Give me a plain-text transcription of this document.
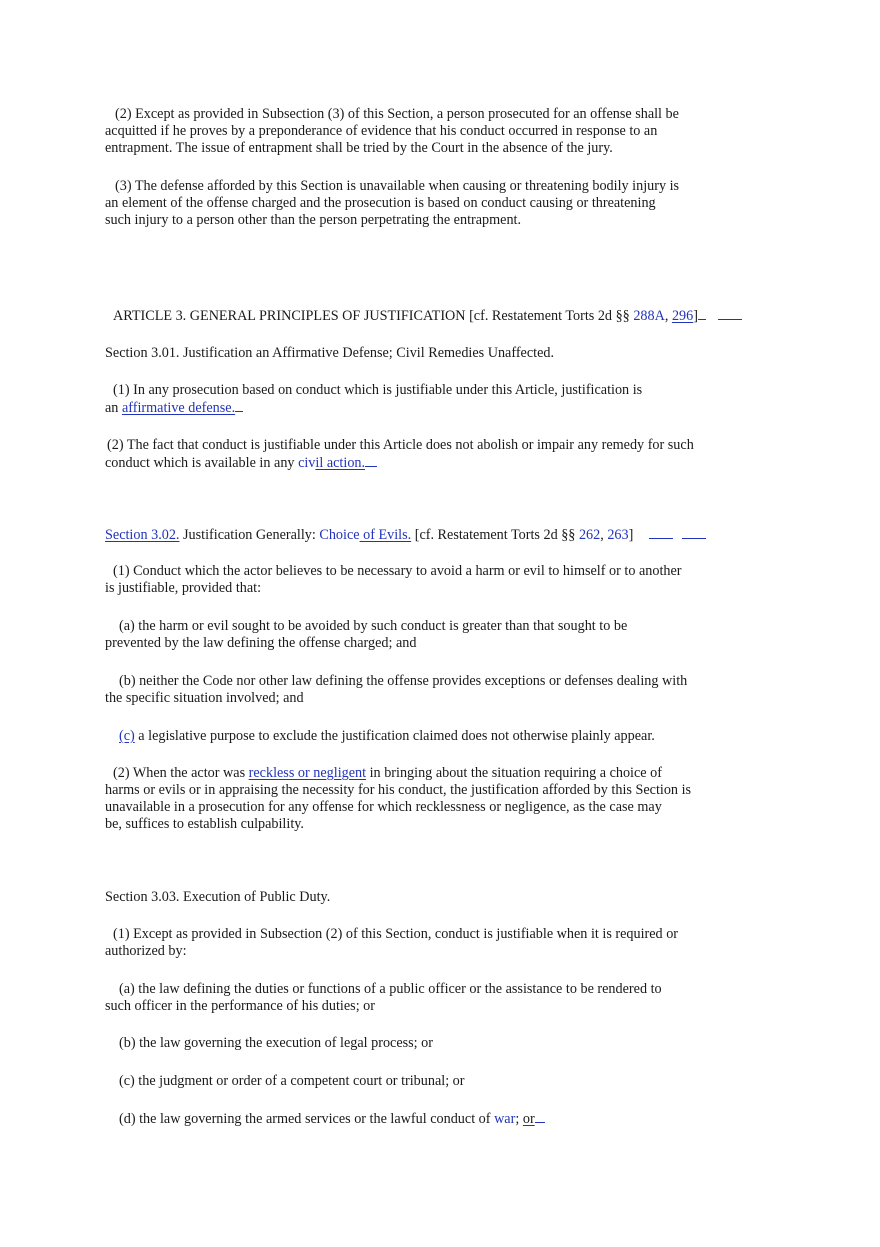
(2) Except as provided in Subsection (3) of this Section, a person prosecuted for an offense shall be
acquitted if he proves by a preponderance of evidence that his conduct occurred in response to an
entrapment. The issue of entrapment shall be tried by the Court in the absence of the jury.
(3) The defense afforded by this Section is unavailable when causing or threatening bodily injury is
an element of the offense charged and the prosecution is based on conduct causing or threatening
such injury to a person other than the person perpetrating the entrapment.
ARTICLE 3. GENERAL PRINCIPLES OF JUSTIFICATION [cf. Restatement Torts 2d §§ 288A, 296]
Section 3.01. Justification an Affirmative Defense; Civil Remedies Unaffected.
(1) In any prosecution based on conduct which is justifiable under this Article, justification is
an affirmative defense.
(2) The fact that conduct is justifiable under this Article does not abolish or impair any remedy for such
conduct which is available in any civil action.
Section 3.02. Justification Generally: Choice of Evils. [cf. Restatement Torts 2d §§ 262, 263]
(1) Conduct which the actor believes to be necessary to avoid a harm or evil to himself or to another
is justifiable, provided that:
(a) the harm or evil sought to be avoided by such conduct is greater than that sought to be
prevented by the law defining the offense charged; and
(b) neither the Code nor other law defining the offense provides exceptions or defenses dealing with
the specific situation involved; and
(c) a legislative purpose to exclude the justification claimed does not otherwise plainly appear.
(2) When the actor was reckless or negligent in bringing about the situation requiring a choice of
harms or evils or in appraising the necessity for his conduct, the justification afforded by this Section is
unavailable in a prosecution for any offense for which recklessness or negligence, as the case may
be, suffices to establish culpability.
Section 3.03. Execution of Public Duty.
(1) Except as provided in Subsection (2) of this Section, conduct is justifiable when it is required or
authorized by:
(a) the law defining the duties or functions of a public officer or the assistance to be rendered to
such officer in the performance of his duties; or
(b) the law governing the execution of legal process; or
(c) the judgment or order of a competent court or tribunal; or
(d) the law governing the armed services or the lawful conduct of war; or
